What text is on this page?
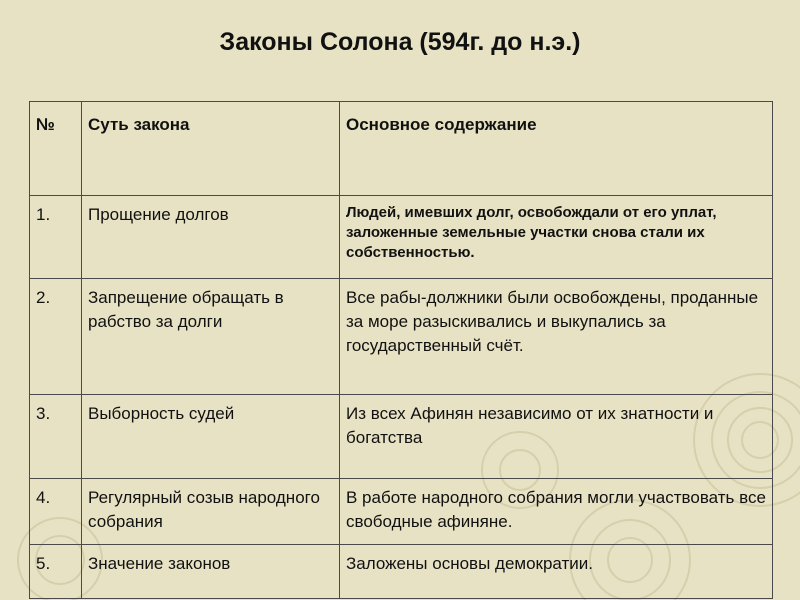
Законы Солона (594г. до н.э.)
№	Суть закона	Основное содержание
1.	Прощение долгов	Людей, имевших долг, освобождали от его уплат, заложенные земельные участки снова стали их собственностью.
2.	Запрещение обращать в рабство за долги	Все рабы-должники были освобождены, проданные за море разыскивались и выкупались за государственный счёт.
3.	Выборность судей	Из всех Афинян независимо от их знатности и богатства
4.	Регулярный созыв народного собрания	В работе народного собрания могли участвовать все свободные афиняне.
5.	Значение законов	Заложены основы демократии.
